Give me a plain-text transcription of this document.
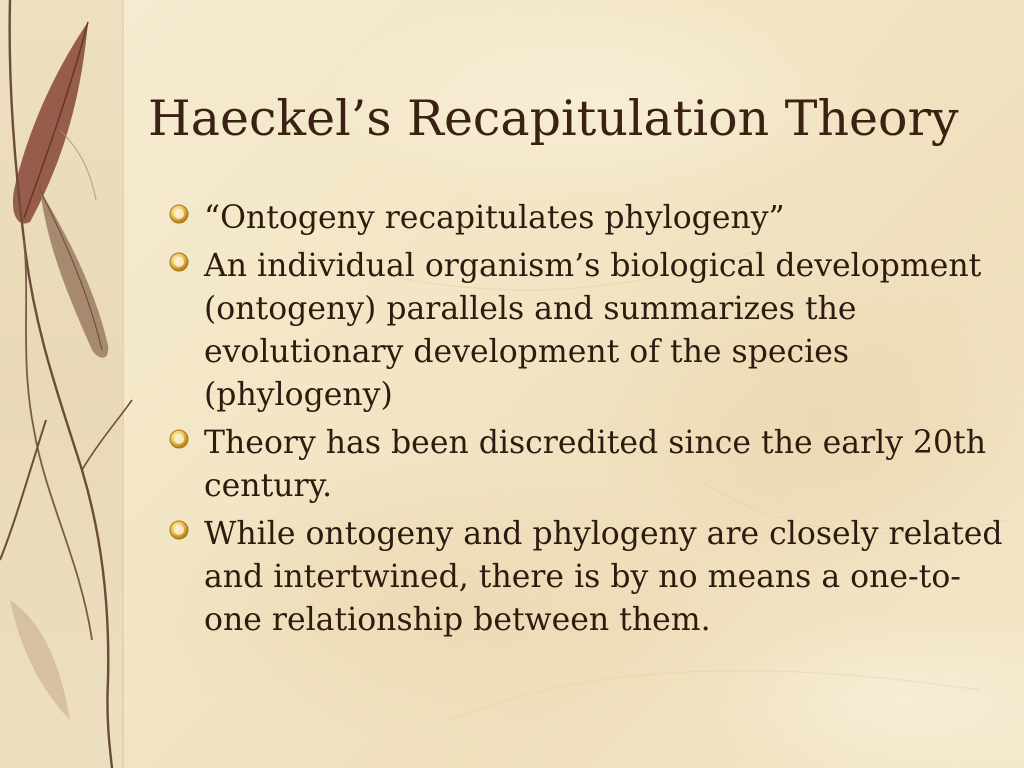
Haeckel’s Recapitulation Theory
“Ontogeny recapitulates phylogeny”
An individual organism’s biological development (ontogeny) parallels and summarizes the evolutionary development of the species (phylogeny)
Theory has been discredited since the early 20th century.
While ontogeny and phylogeny are closely related and intertwined, there is by no means a one-to-one relationship between them.
